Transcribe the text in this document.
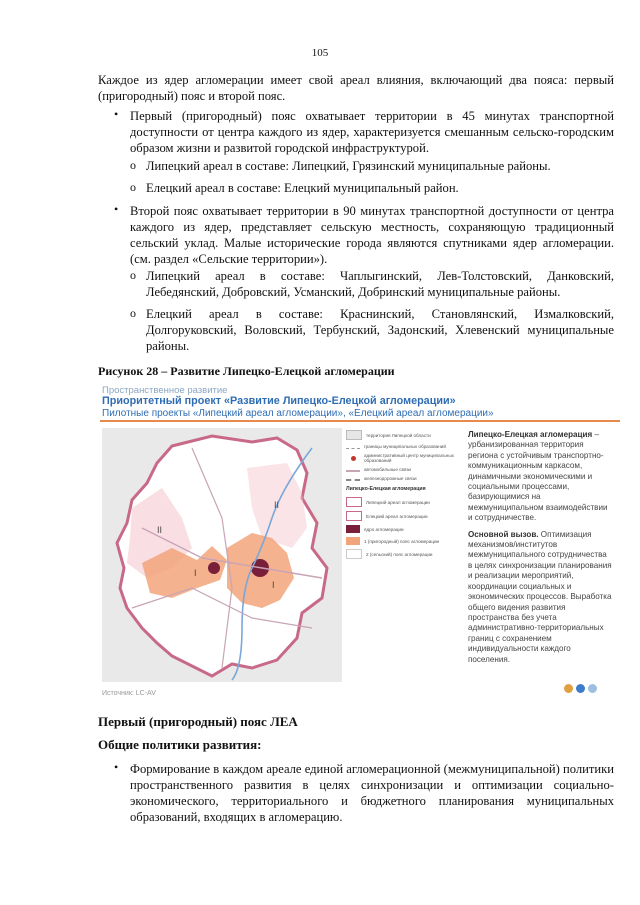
105
Каждое из ядер агломерации имеет свой ареал влияния, включающий два пояса: первый (пригородный) пояс и второй пояс.
• Первый (пригородный) пояс охватывает территории в 45 минутах транспортной доступности от центра каждого из ядер, характеризуется смешанным сельско-городским образом жизни и развитой городской инфраструктурой.
o Липецкий ареал в составе: Липецкий, Грязинский муниципальные районы.
o Елецкий ареал в составе: Елецкий муниципальный район.
• Второй пояс охватывает территории в 90 минутах транспортной доступности от центра каждого из ядер, представляет сельскую местность, сохраняющую традиционный сельский уклад. Малые исторические города являются спутниками ядер агломерации. (см. раздел «Сельские территории»).
o Липецкий ареал в составе: Чаплыгинский, Лев-Толстовский, Данковский, Лебедянский, Добровский, Усманский, Добринский муниципальные районы.
o Елецкий ареал в составе: Краснинский, Становлянский, Измалковский, Долгоруковский, Воловский, Тербунский, Задонский, Хлевенский муниципальные районы.
Рисунок 28 – Развитие Липецко-Елецкой агломерации
Пространственное развитие
Приоритетный проект «Развитие Липецко-Елецкой агломерации»
Пилотные проекты «Липецкий ареал агломерации», «Елецкий ареал агломерации»
II
I
I
II
территория Липецкой области
границы муниципальных образований
административный центр муниципальных образований
автомобильные связи
железнодорожные связи
Липецко-Елецкая агломерация
Липецкий ареал агломерации
Елецкий ареал агломерации
ядро агломерации
1 (пригородный) пояс агломерации
2 (сельский) пояс агломерации
Липецко-Елецкая агломерация – урбанизированная территория региона с устойчивым транспортно-коммуникационным каркасом, динамичными экономическими и социальными процессами, базирующимися на межмуниципальном взаимодействии и сотрудничестве.
Основной вызов. Оптимизация механизмов/институтов межмуниципального сотрудничества в целях синхронизации планирования и реализации мероприятий, координации социальных и экономических процессов. Выработка общего видения развития пространства без учета административно-территориальных границ с сохранением индивидуальности каждого поселения.
Источник: LC-AV
Первый (пригородный) пояс ЛЕА
Общие политики развития:
• Формирование в каждом ареале единой агломерационной (межмуниципальной) политики пространственного развития в целях синхронизации и оптимизации социально-экономического, территориального и бюджетного планирования муниципальных образований, входящих в агломерацию.
